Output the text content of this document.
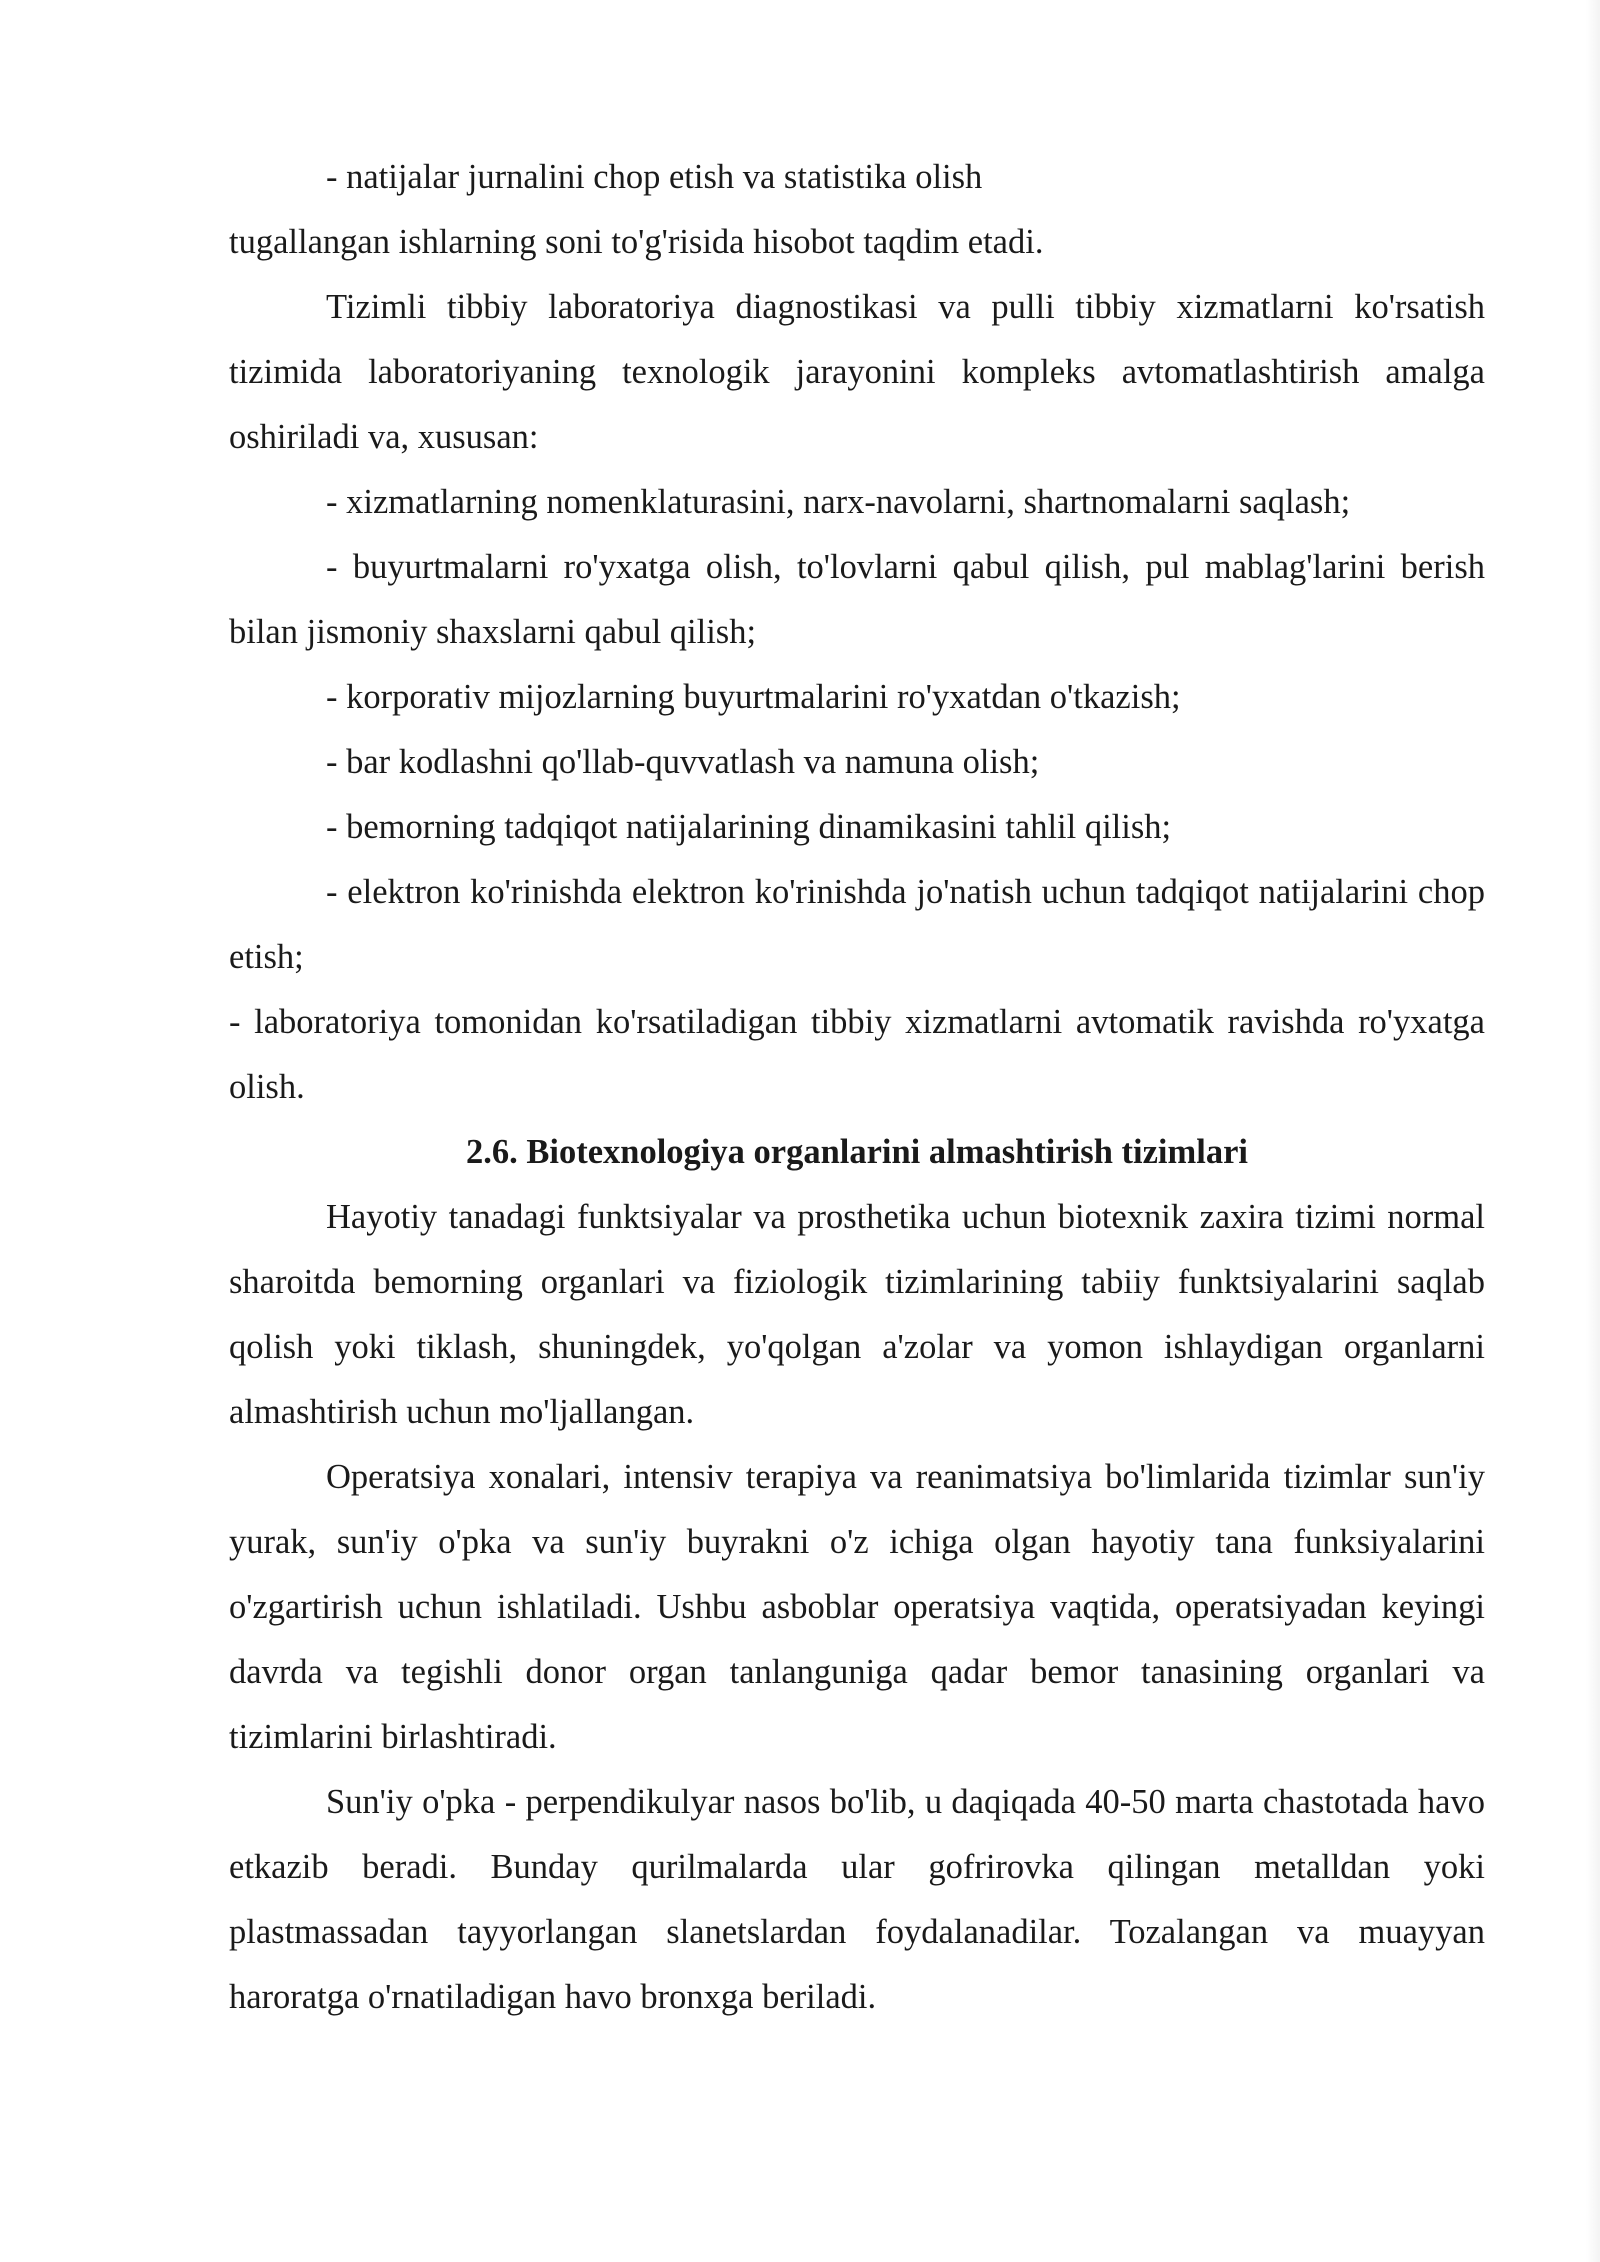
- natijalar jurnalini chop etish va statistika olish

tugallangan ishlarning soni to'g'risida hisobot taqdim etadi.

Tizimli tibbiy laboratoriya diagnostikasi va pulli tibbiy xizmatlarni ko'rsatish tizimida laboratoriyaning texnologik jarayonini kompleks avtomatlashtirish amalga oshiriladi va, xususan:

- xizmatlarning nomenklaturasini, narx-navolarni, shartnomalarni saqlash;

- buyurtmalarni ro'yxatga olish, to'lovlarni qabul qilish, pul mablag'larini berish bilan jismoniy shaxslarni qabul qilish;

- korporativ mijozlarning buyurtmalarini ro'yxatdan o'tkazish;

- bar kodlashni qo'llab-quvvatlash va namuna olish;

- bemorning tadqiqot natijalarining dinamikasini tahlil qilish;

- elektron ko'rinishda elektron ko'rinishda jo'natish uchun tadqiqot natijalarini chop etish;

- laboratoriya tomonidan ko'rsatiladigan tibbiy xizmatlarni avtomatik ravishda ro'yxatga olish.

2.6. Biotexnologiya organlarini almashtirish tizimlari

Hayotiy tanadagi funktsiyalar va prosthetika uchun biotexnik zaxira tizimi normal sharoitda bemorning organlari va fiziologik tizimlarining tabiiy funktsiyalarini saqlab qolish yoki tiklash, shuningdek, yo'qolgan a'zolar va yomon ishlaydigan organlarni almashtirish uchun mo'ljallangan.

Operatsiya xonalari, intensiv terapiya va reanimatsiya bo'limlarida tizimlar sun'iy yurak, sun'iy o'pka va sun'iy buyrakni o'z ichiga olgan hayotiy tana funksiyalarini o'zgartirish uchun ishlatiladi. Ushbu asboblar operatsiya vaqtida, operatsiyadan keyingi davrda va tegishli donor organ tanlanguniga qadar bemor tanasining organlari va tizimlarini birlashtiradi.

Sun'iy o'pka - perpendikulyar nasos bo'lib, u daqiqada 40-50 marta chastotada havo etkazib beradi. Bunday qurilmalarda ular gofrirovka qilingan metalldan yoki plastmassadan tayyorlangan slanetslardan foydalanadilar. Tozalangan va muayyan haroratga o'rnatiladigan havo bronxga beriladi.
